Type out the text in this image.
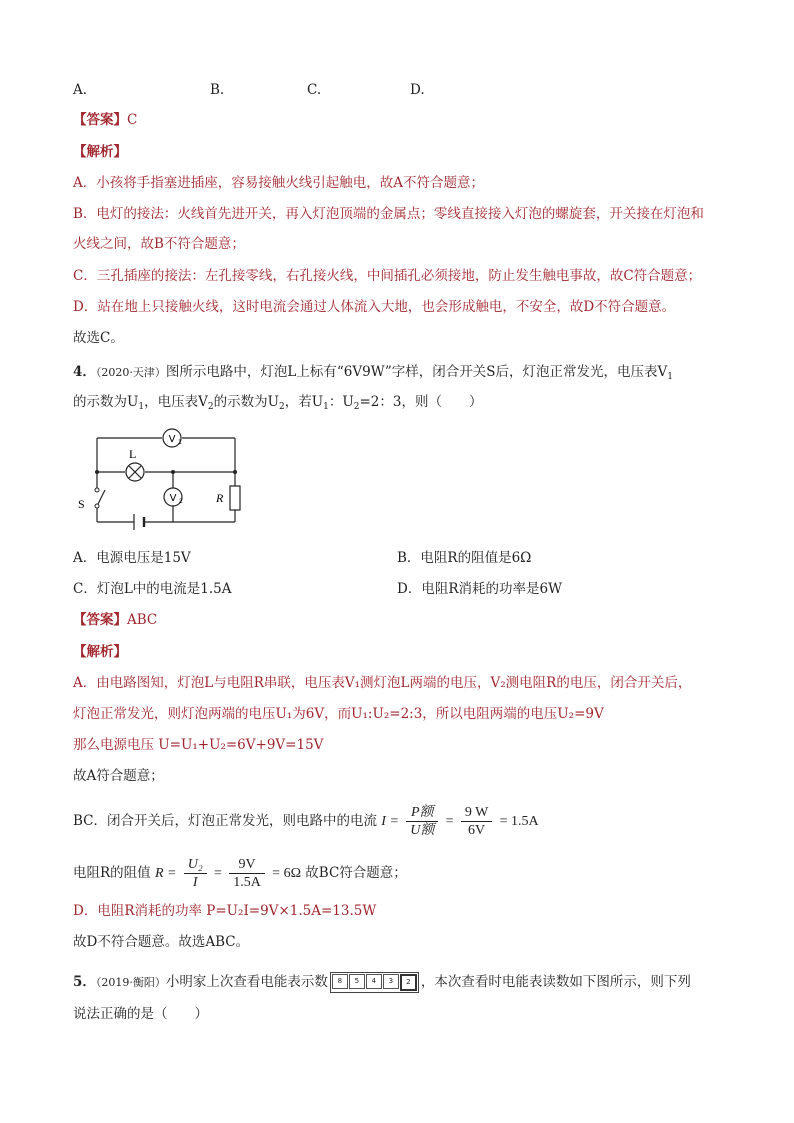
A.	B.	C.	D.
【答案】C
【解析】
A．小孩将手指塞进插座，容易接触火线引起触电，故A不符合题意；
B．电灯的接法：火线首先进开关，再入灯泡顶端的金属点；零线直接接入灯泡的螺旋套，开关接在灯泡和
火线之间，故B不符合题意；
C．三孔插座的接法：左孔接零线，右孔接火线，中间插孔必须接地，防止发生触电事故，故C符合题意；
D．站在地上只接触火线，这时电流会通过人体流入大地，也会形成触电，不安全，故D不符合题意。
故选C。
4．（2020·天津）图所示电路中，灯泡L上标有“6V9W”字样，闭合开关S后，灯泡正常发光，电压表$V_1$
的示数为$U_1$，电压表$V_2$的示数为$U_2$，若$U_1$：$U_2=2$：3，则（　　）
V 1
L
V 2	R
S
A．电源电压是15V	B．电阻R的阻值是6Ω
C．灯泡L中的电流是1.5A	D．电阻R消耗的功率是6W
【答案】ABC
【解析】
A．由电路图知，灯泡L与电阻R串联，电压表V₁测灯泡L两端的电压，V₂测电阻R的电压，闭合开关后，
灯泡正常发光，则灯泡两端的电压U₁为6V，而U₁:U₂=2:3，所以电阻两端的电压U₂=9V
那么电源电压 U=U₁+U₂=6V+9V=15V
故A符合题意；
BC．闭合开关后，灯泡正常发光，则电路中的电流 $I = \frac{\text{P额}}{\text{U额}} = \frac{9 W}{6V} = 1.5A$
电阻R的阻值 $R = \frac{\text{U₂}}{I} = \frac{9V}{1.5A} = 6\Omega$ 故BC符合题意；
D．电阻R消耗的功率 P=U₂I=9V×1.5A=13.5W
故D不符合题意。故选ABC。
5．（2019·衡阳）小明家上次查看电能表示数	8	5	4	3	2 ，本次查看时电能表读数如下图所示，则下列
说法正确的是（　　）
